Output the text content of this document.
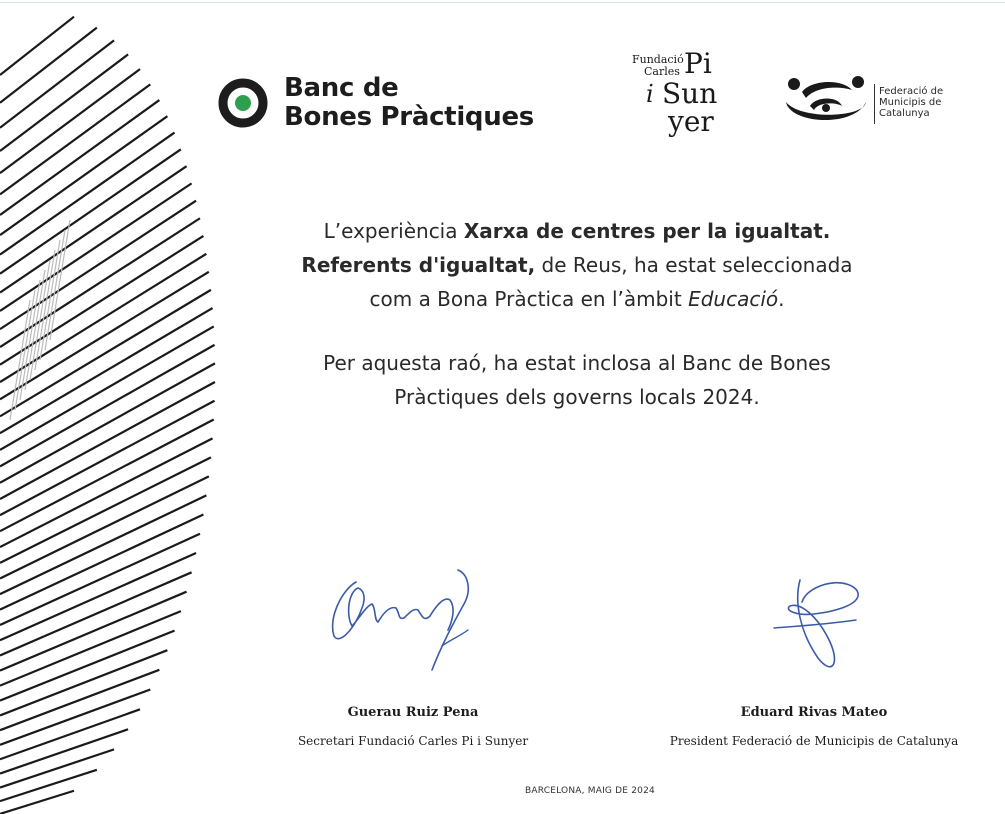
Banc de
Bones Pràctiques
Fundació
Carles Pi
i Sun
yer
Federació de
Municipis de
Catalunya
L’experiència Xarxa de centres per la igualtat.
Referents d'igualtat, de Reus, ha estat seleccionada
com a Bona Pràctica en l’àmbit Educació.
Per aquesta raó, ha estat inclosa al Banc de Bones
Pràctiques dels governs locals 2024.
Guerau Ruiz Pena
Secretari Fundació Carles Pi i Sunyer
Eduard Rivas Mateo
President Federació de Municipis de Catalunya
BARCELONA, MAIG DE 2024
